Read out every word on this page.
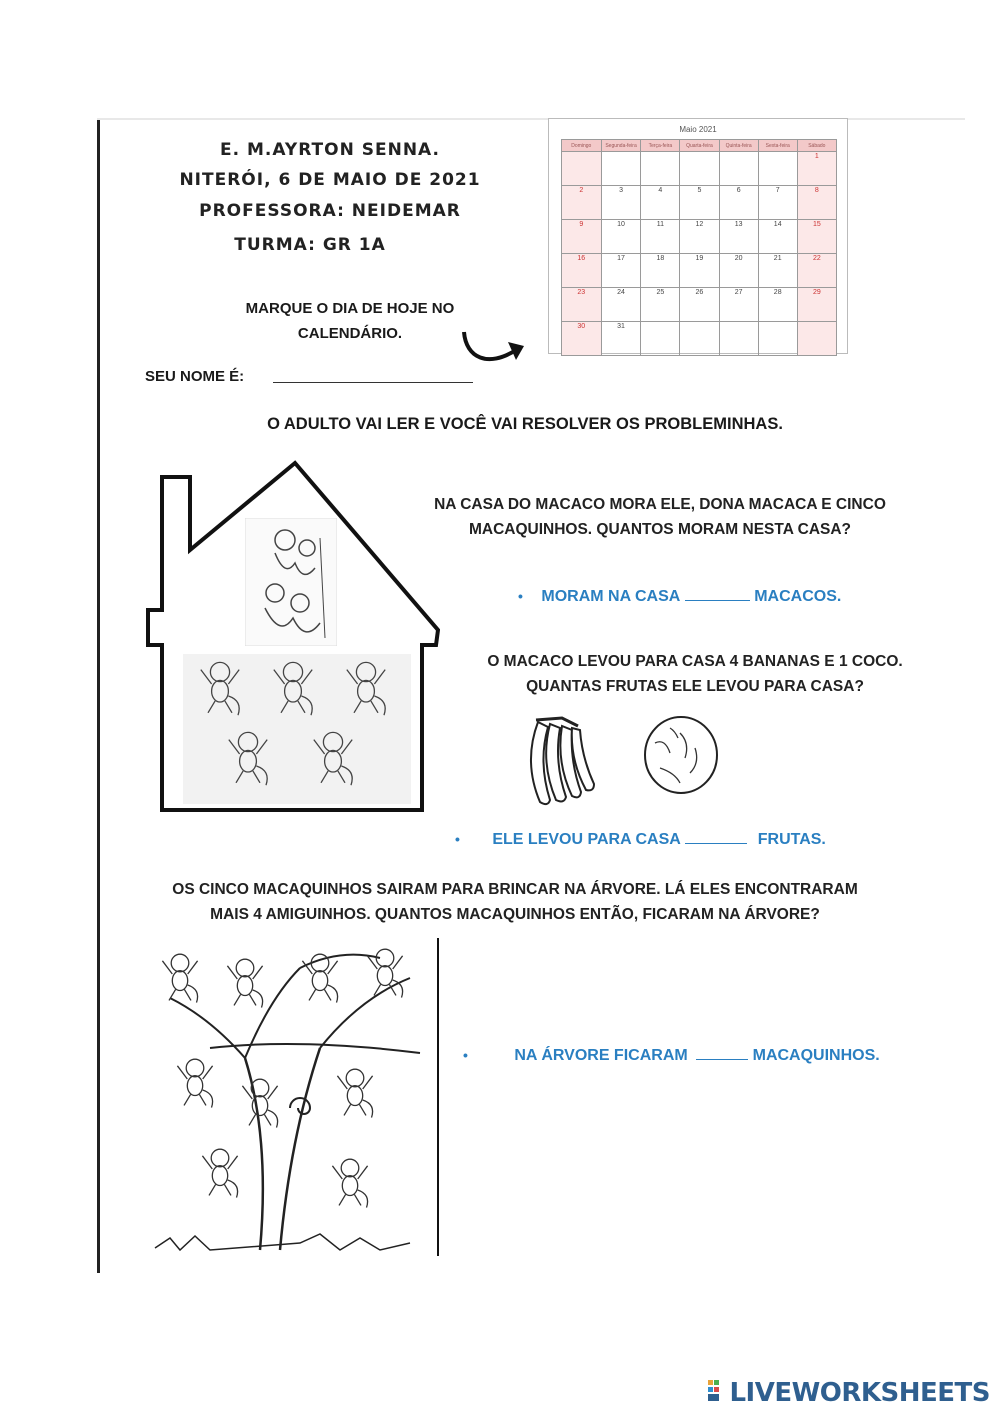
E. M.AYRTON SENNA.
NITERÓI, 6 DE MAIO DE 2021
PROFESSORA: NEIDEMAR
TURMA: GR 1A
MARQUE O DIA DE HOJE NO
CALENDÁRIO.
Maio 2021
Domingo	Segunda-feira	Terça-feira	Quarta-feira	Quinta-feira	Sexta-feira	Sábado
						1
2	3	4	5	6	7	8
9	10	11	12	13	14	15
16	17	18	19	20	21	22
23	24	25	26	27	28	29
30	31					
SEU NOME É:
O ADULTO VAI LER E VOCÊ VAI RESOLVER OS PROBLEMINHAS.
NA CASA DO MACACO MORA ELE, DONA MACACA E CINCO
MACAQUINHOS. QUANTOS MORAM NESTA CASA?
• MORAM NA CASA	MACACOS.
O MACACO LEVOU PARA CASA 4 BANANAS E 1 COCO.
QUANTAS FRUTAS ELE LEVOU PARA CASA?
• ELE LEVOU PARA CASA	FRUTAS.
OS CINCO MACAQUINHOS SAIRAM PARA BRINCAR NA ÁRVORE. LÁ ELES ENCONTRARAM
MAIS 4 AMIGUINHOS. QUANTOS MACAQUINHOS ENTÃO, FICARAM NA ÁRVORE?
•	NA ÁRVORE FICARAM	MACAQUINHOS.
LIVEWORKSHEETS
